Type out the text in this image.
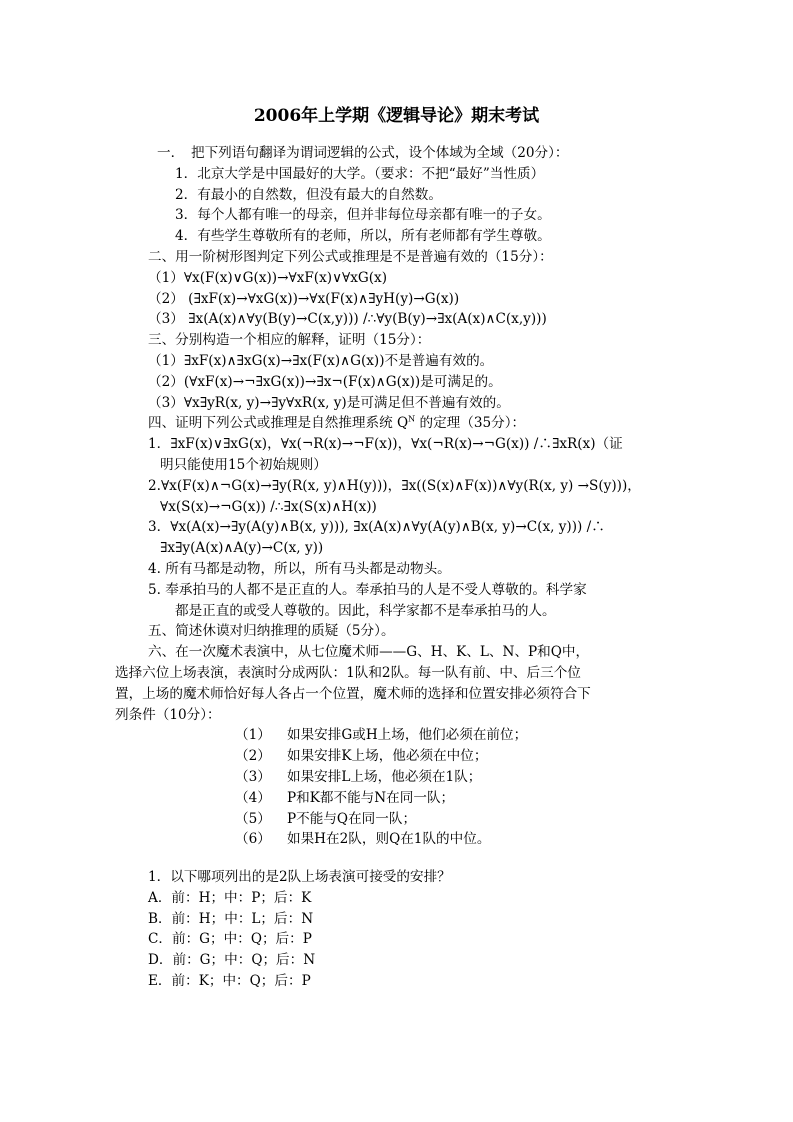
2006年上学期《逻辑导论》期末考试
一．　把下列语句翻译为谓词逻辑的公式，设个体域为全域（20分）：
1．北京大学是中国最好的大学。（要求：不把“最好”当性质）
2．有最小的自然数，但没有最大的自然数。
3．每个人都有唯一的母亲，但并非每位母亲都有唯一的子女。
4．有些学生尊敬所有的老师，所以，所有老师都有学生尊敬。
二、用一阶树形图判定下列公式或推理是不是普遍有效的（15分）：
（1）∀x(F(x)∨G(x))→∀xF(x)∨∀xG(x)
（2） (∃xF(x)→∀xG(x))→∀x(F(x)∧∃yH(y)→G(x))
（3） ∃x(A(x)∧∀y(B(y)→C(x,y))) /∴∀y(B(y)→∃x(A(x)∧C(x,y)))
三、分别构造一个相应的解释，证明（15分）：
（1）∃xF(x)∧∃xG(x)→∃x(F(x)∧G(x))不是普遍有效的。
（2）(∀xF(x)→¬∃xG(x))→∃x¬(F(x)∧G(x))是可满足的。
（3）∀x∃yR(x, y)→∃y∀xR(x, y)是可满足但不普遍有效的。
四、证明下列公式或推理是自然推理系统 $Q^N$ 的定理（35分）：
1．∃xF(x)∨∃xG(x)，∀x(¬R(x)→¬F(x))，∀x(¬R(x)→¬G(x)) /∴∃xR(x)（证
明只能使用15个初始规则）
2.∀x(F(x)∧¬G(x)→∃y(R(x, y)∧H(y)))，∃x((S(x)∧F(x))∧∀y(R(x, y) →S(y)))，
∀x(S(x)→¬G(x)) /∴∃x(S(x)∧H(x))
3．∀x(A(x)→∃y(A(y)∧B(x, y))), ∃x(A(x)∧∀y(A(y)∧B(x, y)→C(x, y))) /∴
∃x∃y(A(x)∧A(y)→C(x, y))
4. 所有马都是动物，所以，所有马头都是动物头。
5. 奉承拍马的人都不是正直的人。奉承拍马的人是不受人尊敬的。科学家
都是正直的或受人尊敬的。因此，科学家都不是奉承拍马的人。
五、简述休谟对归纳推理的质疑（5分）。
六、在一次魔术表演中，从七位魔术师——G、H、K、L、N、P和Q中，
选择六位上场表演，表演时分成两队：1队和2队。每一队有前、中、后三个位
置，上场的魔术师恰好每人各占一个位置，魔术师的选择和位置安排必须符合下
列条件（10分）：
（1） 如果安排G或H上场，他们必须在前位；
（2） 如果安排K上场，他必须在中位；
（3） 如果安排L上场，他必须在1队；
（4） P和K都不能与N在同一队；
（5） P不能与Q在同一队；
（6） 如果H在2队，则Q在1队的中位。
1．以下哪项列出的是2队上场表演可接受的安排？
A．前：H；中：P；后：K
B．前：H；中：L；后：N
C．前：G；中：Q；后：P
D．前：G；中：Q；后：N
E．前：K；中：Q；后：P
